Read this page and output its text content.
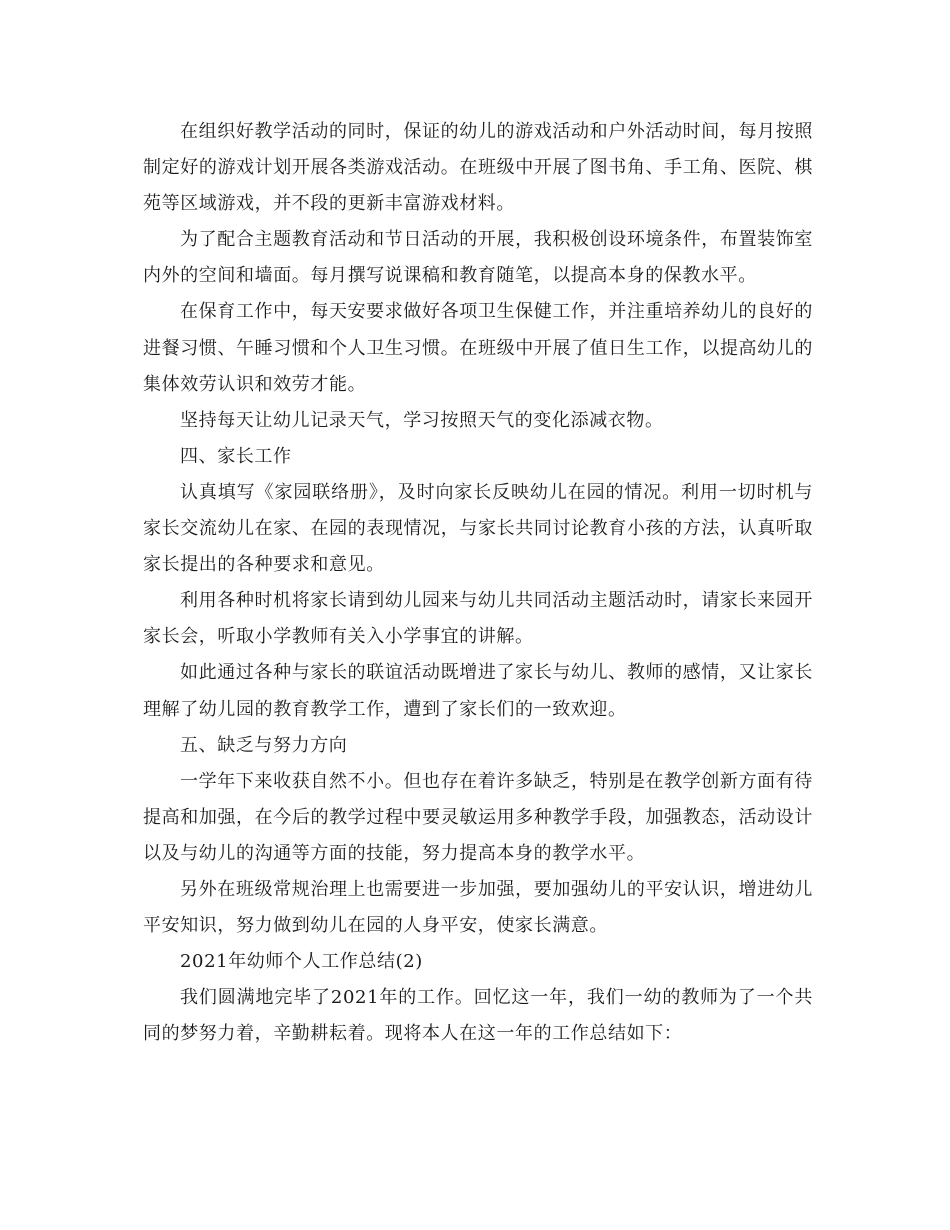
在组织好教学活动的同时，保证的幼儿的游戏活动和户外活动时间，每月按照制定好的游戏计划开展各类游戏活动。在班级中开展了图书角、手工角、医院、棋苑等区域游戏，并不段的更新丰富游戏材料。

为了配合主题教育活动和节日活动的开展，我积极创设环境条件，布置装饰室内外的空间和墙面。每月撰写说课稿和教育随笔，以提高本身的保教水平。

在保育工作中，每天安要求做好各项卫生保健工作，并注重培养幼儿的良好的进餐习惯、午睡习惯和个人卫生习惯。在班级中开展了值日生工作，以提高幼儿的集体效劳认识和效劳才能。

坚持每天让幼儿记录天气，学习按照天气的变化添减衣物。

四、家长工作

认真填写《家园联络册》，及时向家长反映幼儿在园的情况。利用一切时机与家长交流幼儿在家、在园的表现情况，与家长共同讨论教育小孩的方法，认真听取家长提出的各种要求和意见。

利用各种时机将家长请到幼儿园来与幼儿共同活动主题活动时，请家长来园开家长会，听取小学教师有关入小学事宜的讲解。

如此通过各种与家长的联谊活动既增进了家长与幼儿、教师的感情，又让家长理解了幼儿园的教育教学工作，遭到了家长们的一致欢迎。

五、缺乏与努力方向

一学年下来收获自然不小。但也存在着许多缺乏，特别是在教学创新方面有待提高和加强，在今后的教学过程中要灵敏运用多种教学手段，加强教态，活动设计以及与幼儿的沟通等方面的技能，努力提高本身的教学水平。

另外在班级常规治理上也需要进一步加强，要加强幼儿的平安认识，增进幼儿平安知识，努力做到幼儿在园的人身平安，使家长满意。

2021年幼师个人工作总结(2)

我们圆满地完毕了2021年的工作。回忆这一年，我们一幼的教师为了一个共同的梦努力着，辛勤耕耘着。现将本人在这一年的工作总结如下：
